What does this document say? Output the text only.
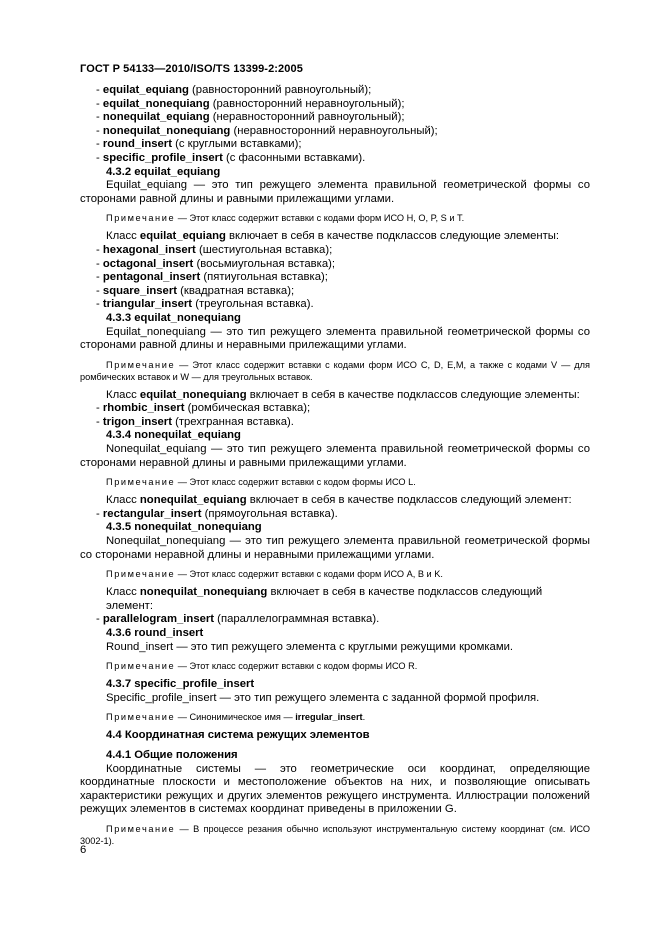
ГОСТ Р 54133—2010/ISO/TS 13399-2:2005

- equilat_equiang (равносторонний равноугольный);

- equilat_nonequiang (равносторонний неравноугольный);

- nonequilat_equiang (неравносторонний равноугольный);

- nonequilat_nonequiang (неравносторонний неравноугольный);

- round_insert (с круглыми вставками);

- specific_profile_insert (с фасонными вставками).

4.3.2 equilat_equiang

Equilat_equiang — это тип режущего элемента правильной геометрической формы со сторонами равной длины и равными прилежащими углами.

Примечание — Этот класс содержит вставки с кодами форм ИСО H, O, P, S и T.

Класс equilat_equiang включает в себя в качестве подклассов следующие элементы:

- hexagonal_insert (шестиугольная вставка);

- octagonal_insert (восьмиугольная вставка);

- pentagonal_insert (пятиугольная вставка);

- square_insert (квадратная вставка);

- triangular_insert (треугольная вставка).

4.3.3 equilat_nonequiang

Equilat_nonequiang — это тип режущего элемента правильной геометрической формы со сторонами равной длины и неравными прилежащими углами.

Примечание — Этот класс содержит вставки с кодами форм ИСО C, D, E,M, а также с кодами V — для ромбических вставок и W — для треугольных вставок.

Класс equilat_nonequiang включает в себя в качестве подклассов следующие элементы:

- rhombic_insert (ромбическая вставка);

- trigon_insert (трехгранная вставка).

4.3.4 nonequilat_equiang

Nonequilat_equiang — это тип режущего элемента правильной геометрической формы со сторонами неравной длины и равными прилежащими углами.

Примечание — Этот класс содержит вставки с кодом формы ИСО L.

Класс nonequilat_equiang включает в себя в качестве подклассов следующий элемент:

- rectangular_insert (прямоугольная вставка).

4.3.5 nonequilat_nonequiang

Nonequilat_nonequiang — это тип режущего элемента правильной геометрической формы со сторонами неравной длины и неравными прилежащими углами.

Примечание — Этот класс содержит вставки с кодами форм ИСО A, B и K.

Класс nonequilat_nonequiang включает в себя в качестве подклассов следующий элемент:

- parallelogram_insert (параллелограммная вставка).

4.3.6 round_insert

Round_insert — это тип режущего элемента с круглыми режущими кромками.

Примечание — Этот класс содержит вставки с кодом формы ИСО R.

4.3.7 specific_profile_insert

Specific_profile_insert — это тип режущего элемента с заданной формой профиля.

Примечание — Синонимическое имя — irregular_insert.

4.4 Координатная система режущих элементов

4.4.1 Общие положения

Координатные системы — это геометрические оси координат, определяющие координатные плоскости и местоположение объектов на них, и позволяющие описывать характеристики режущих и других элементов режущего инструмента. Иллюстрации положений режущих элементов в системах координат приведены в приложении G.

Примечание — В процессе резания обычно используют инструментальную систему координат (см. ИСО 3002-1).

6
